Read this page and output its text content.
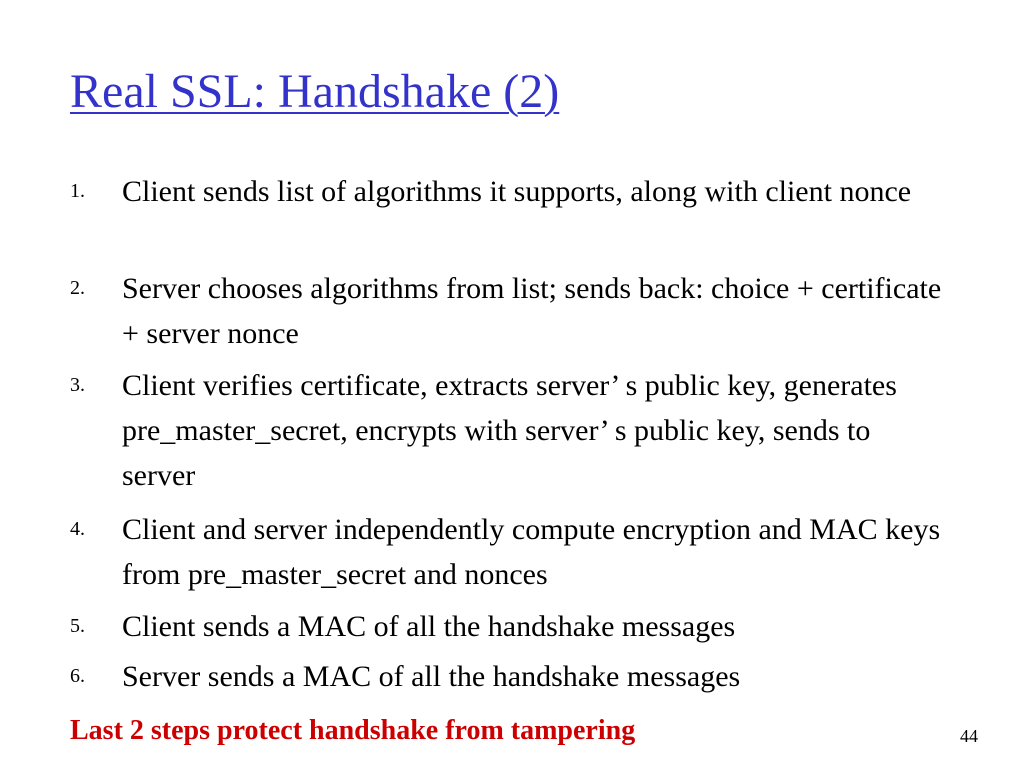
Real SSL: Handshake (2)
1. Client sends list of algorithms it supports, along with client nonce
2. Server chooses algorithms from list; sends back: choice + certificate + server nonce
3. Client verifies certificate, extracts server’ s public key, generates pre_master_secret, encrypts with server’ s public key, sends to server
4. Client and server independently compute encryption and MAC keys from pre_master_secret and nonces
5. Client sends a MAC of all the handshake messages
6. Server sends a MAC of all the handshake messages
Last 2 steps protect handshake from tampering	44
